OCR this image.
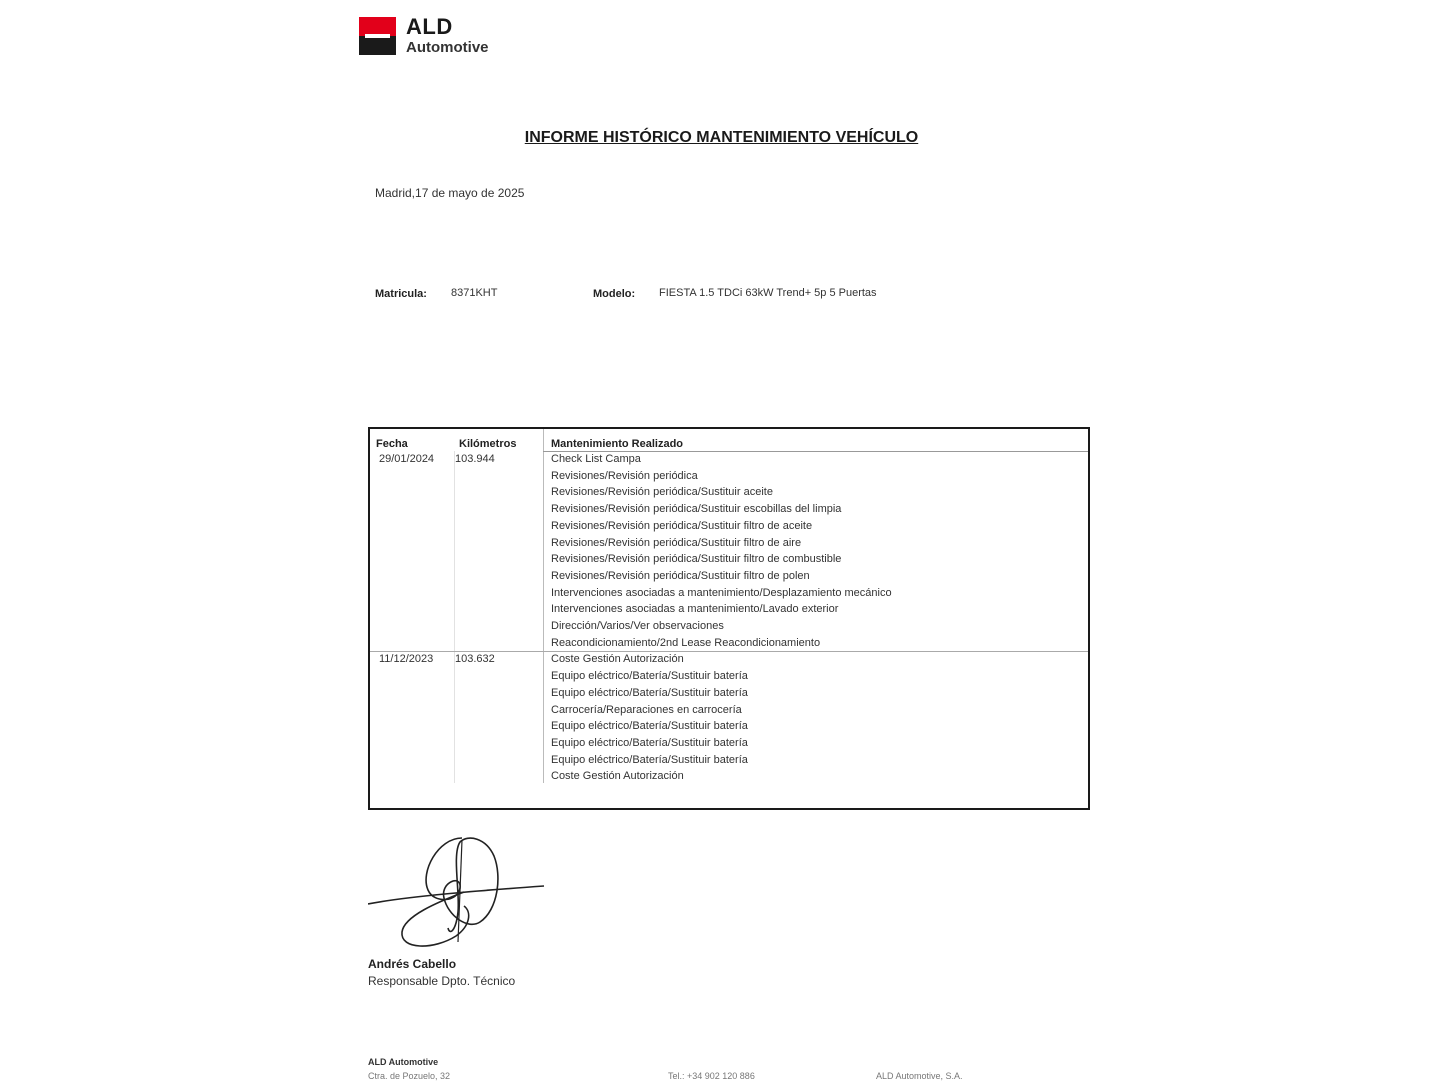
ALD
Automotive
INFORME HISTÓRICO MANTENIMIENTO VEHÍCULO
Madrid,17 de mayo de 2025
Matricula: 8371KHT	Modelo: FIESTA 1.5 TDCi 63kW Trend+ 5p 5 Puertas
Fecha	Kilómetros	Mantenimiento Realizado
29/01/2024 103.944	Check List Campa
Revisiones/Revisión periódica
Revisiones/Revisión periódica/Sustituir aceite
Revisiones/Revisión periódica/Sustituir escobillas del limpia
Revisiones/Revisión periódica/Sustituir filtro de aceite
Revisiones/Revisión periódica/Sustituir filtro de aire
Revisiones/Revisión periódica/Sustituir filtro de combustible
Revisiones/Revisión periódica/Sustituir filtro de polen
Intervenciones asociadas a mantenimiento/Desplazamiento mecánico
Intervenciones asociadas a mantenimiento/Lavado exterior
Dirección/Varios/Ver observaciones
Reacondicionamiento/2nd Lease Reacondicionamiento
11/12/2023 103.632	Coste Gestión Autorización
Equipo eléctrico/Batería/Sustituir batería
Equipo eléctrico/Batería/Sustituir batería
Carrocería/Reparaciones en carrocería
Equipo eléctrico/Batería/Sustituir batería
Equipo eléctrico/Batería/Sustituir batería
Equipo eléctrico/Batería/Sustituir batería
Coste Gestión Autorización
Andrés Cabello
Responsable Dpto. Técnico
ALD Automotive
Ctra. de Pozuelo, 32	Tel.: +34 902 120 886	ALD Automotive, S.A.
